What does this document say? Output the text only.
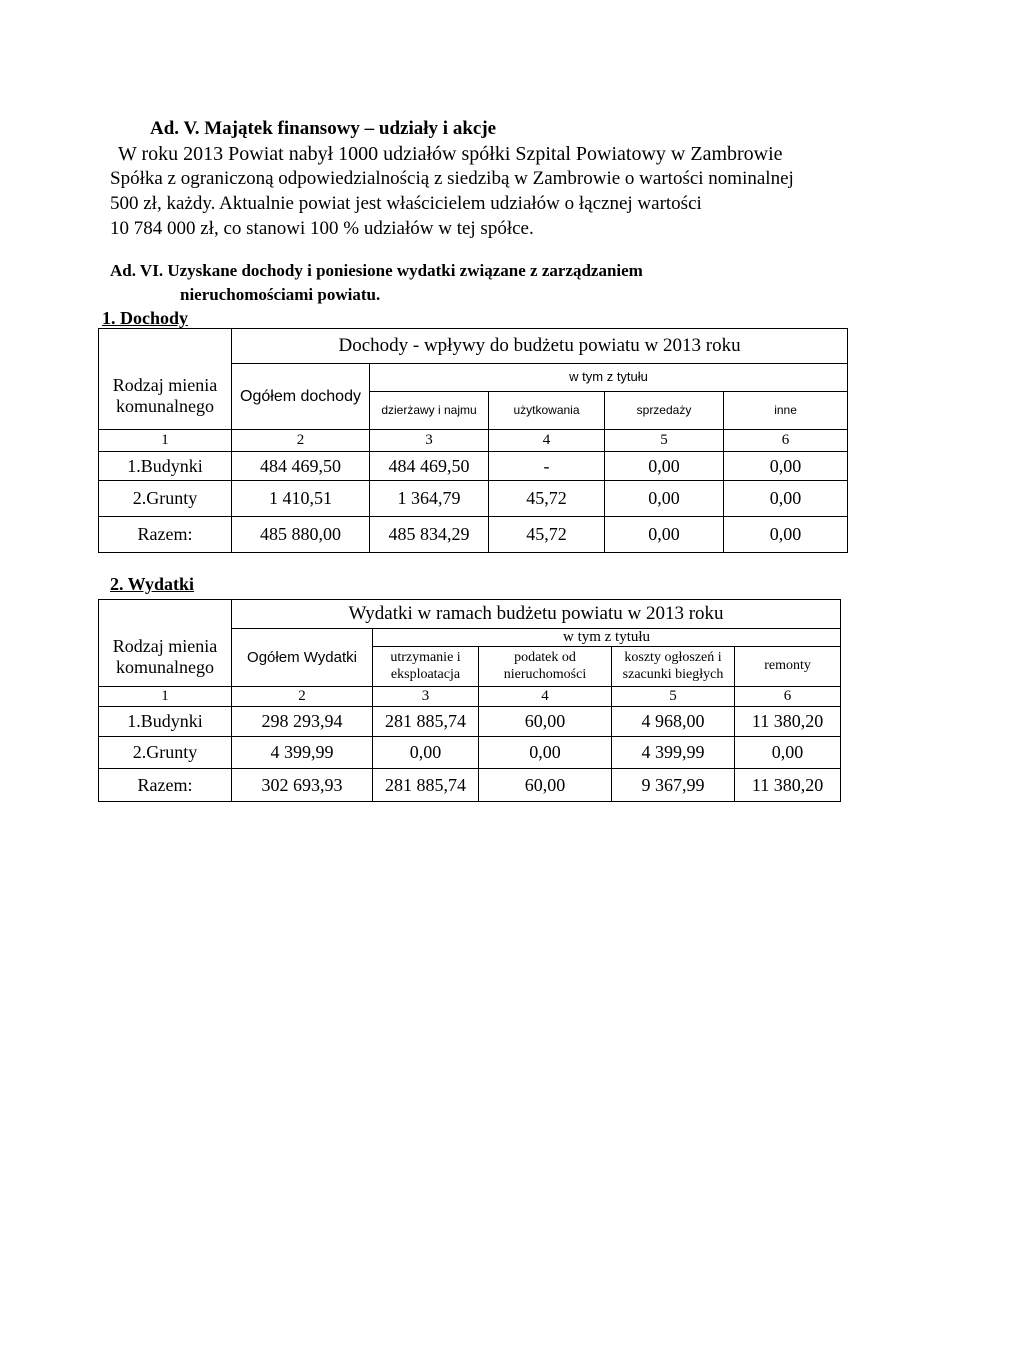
Ad. V. Majątek finansowy – udziały i akcje
W roku 2013 Powiat nabył 1000 udziałów spółki Szpital Powiatowy w Zambrowie
Spółka z ograniczoną odpowiedzialnością z siedzibą w Zambrowie o wartości nominalnej
500 zł, każdy. Aktualnie powiat jest właścicielem udziałów o łącznej wartości
10 784 000 zł, co stanowi 100 % udziałów w tej spółce.
Ad. VI. Uzyskane dochody i poniesione wydatki związane z zarządzaniem
nieruchomościami powiatu.
1. Dochody
	Dochody - wpływy do budżetu powiatu w 2013 roku				
Rodzaj mienia komunalnego	Ogółem dochody	w tym z tytułu			
		dzierżawy i najmu	użytkowania	sprzedaży	inne
1	2	3	4	5	6
1.Budynki	484 469,50	484 469,50	-	0,00	0,00
2.Grunty	1 410,51	1 364,79	45,72	0,00	0,00
Razem:	485 880,00	485 834,29	45,72	0,00	0,00
2. Wydatki
	Wydatki w ramach budżetu powiatu w 2013 roku				
Rodzaj mienia komunalnego	Ogółem Wydatki	w tym z tytułu			
		utrzymanie i eksploatacja	podatek od nieruchomości	koszty ogłoszeń i szacunki biegłych	remonty
1	2	3	4	5	6
1.Budynki	298 293,94	281 885,74	60,00	4 968,00	11 380,20
2.Grunty	4 399,99	0,00	0,00	4 399,99	0,00
Razem:	302 693,93	281 885,74	60,00	9 367,99	11 380,20
